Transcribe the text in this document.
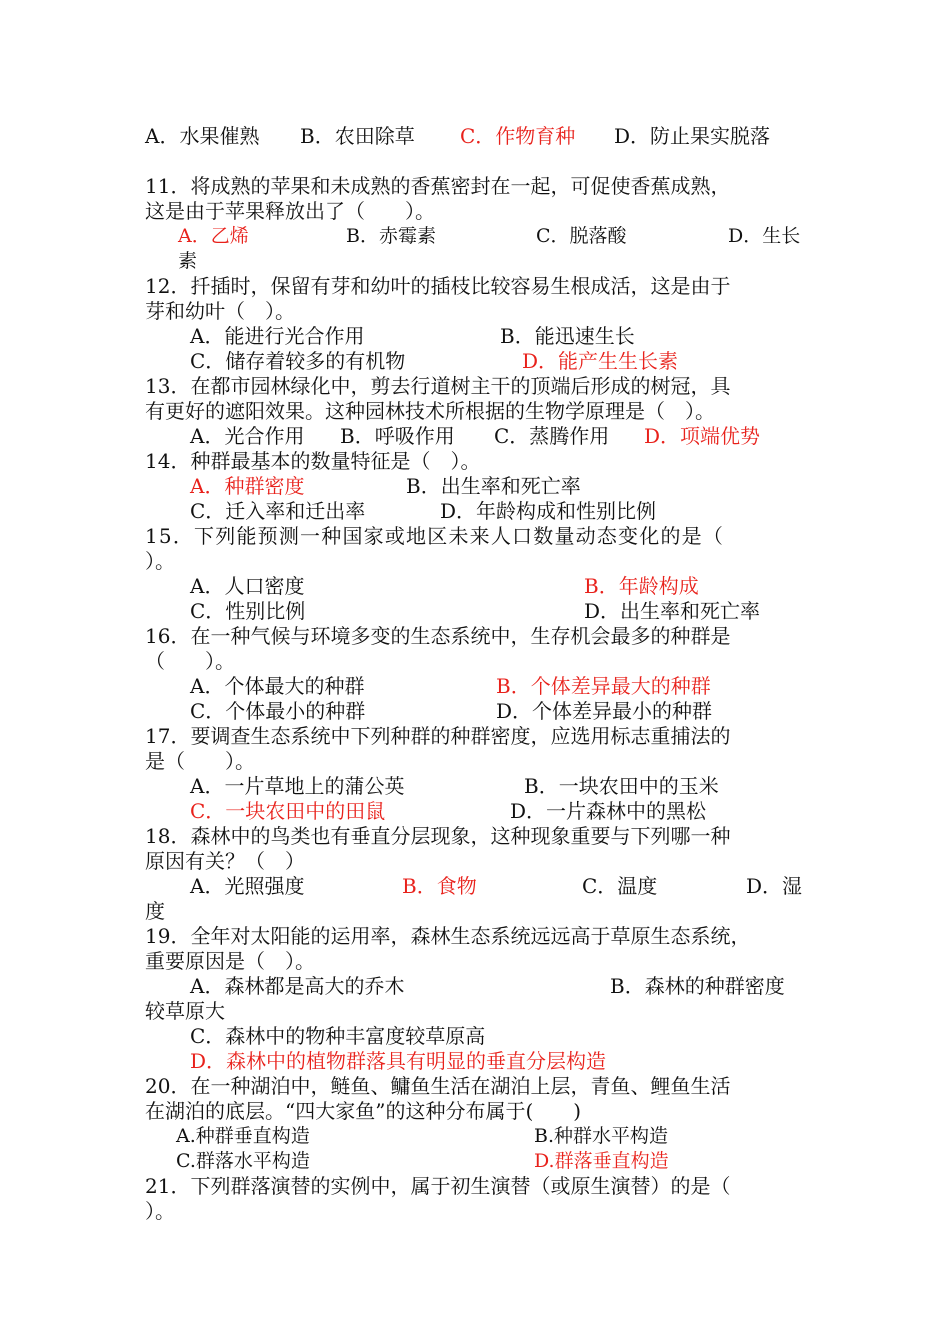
A．水果催熟 B．农田除草 C．作物育种 D．防止果实脱落
11．将成熟的苹果和未成熟的香蕉密封在一起，可促使香蕉成熟，
这是由于苹果释放出了（　　）。
A．乙烯	B．赤霉素	C．脱落酸	D．生长
素
12．扦插时，保留有芽和幼叶的插枝比较容易生根成活，这是由于
芽和幼叶（　）。
A．能进行光合作用	B．能迅速生长
C．储存着较多的有机物	D．能产生生长素
13．在都市园林绿化中，剪去行道树主干的顶端后形成的树冠，具
有更好的遮阳效果。这种园林技术所根据的生物学原理是（　）。
A．光合作用 B．呼吸作用 C．蒸腾作用 D．项端优势
14．种群最基本的数量特征是（　）。
A．种群密度	B．出生率和死亡率
C．迁入率和迁出率	D．年龄构成和性别比例
15．下列能预测一种国家或地区未来人口数量动态变化的是（
）。
A．人口密度	B．年龄构成
C．性别比例	D．出生率和死亡率
16．在一种气候与环境多变的生态系统中，生存机会最多的种群是
（　　）。
A．个体最大的种群	B．个体差异最大的种群
C．个体最小的种群	D．个体差异最小的种群
17．要调查生态系统中下列种群的种群密度，应选用标志重捕法的
是（　　）。
A．一片草地上的蒲公英	B．一块农田中的玉米
C．一块农田中的田鼠	D．一片森林中的黑松
18．森林中的鸟类也有垂直分层现象，这种现象重要与下列哪一种
原因有关？（　）
A．光照强度	B．食物	C．温度	D．湿
度
19．全年对太阳能的运用率，森林生态系统远远高于草原生态系统，
重要原因是（　）。
A．森林都是高大的乔木	B．森林的种群密度
较草原大
C．森林中的物种丰富度较草原高
D．森林中的植物群落具有明显的垂直分层构造
20．在一种湖泊中，鲢鱼、鳙鱼生活在湖泊上层，青鱼、鲤鱼生活
在湖泊的底层。“四大家鱼”的这种分布属于(　　)
A.种群垂直构造	B.种群水平构造
C.群落水平构造	D.群落垂直构造
21．下列群落演替的实例中，属于初生演替（或原生演替）的是（
）。
